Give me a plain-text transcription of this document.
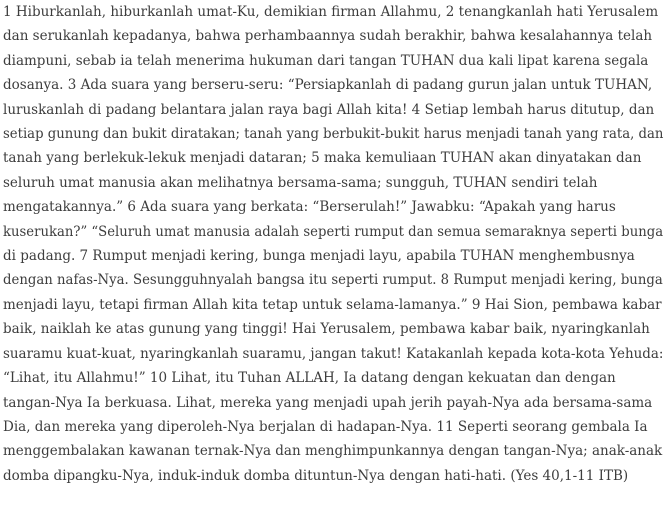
1 Hiburkanlah, hiburkanlah umat-Ku, demikian firman Allahmu, 2 tenangkanlah hati Yerusalem
dan serukanlah kepadanya, bahwa perhambaannya sudah berakhir, bahwa kesalahannya telah
diampuni, sebab ia telah menerima hukuman dari tangan TUHAN dua kali lipat karena segala
dosanya. 3 Ada suara yang berseru-seru: “Persiapkanlah di padang gurun jalan untuk TUHAN,
luruskanlah di padang belantara jalan raya bagi Allah kita! 4 Setiap lembah harus ditutup, dan
setiap gunung dan bukit diratakan; tanah yang berbukit-bukit harus menjadi tanah yang rata, dan
tanah yang berlekuk-lekuk menjadi dataran; 5 maka kemuliaan TUHAN akan dinyatakan dan
seluruh umat manusia akan melihatnya bersama-sama; sungguh, TUHAN sendiri telah
mengatakannya.” 6 Ada suara yang berkata: “Berserulah!” Jawabku: “Apakah yang harus
kuserukan?” “Seluruh umat manusia adalah seperti rumput dan semua semaraknya seperti bunga
di padang. 7 Rumput menjadi kering, bunga menjadi layu, apabila TUHAN menghembusnya
dengan nafas-Nya. Sesungguhnyalah bangsa itu seperti rumput. 8 Rumput menjadi kering, bunga
menjadi layu, tetapi firman Allah kita tetap untuk selama-lamanya.” 9 Hai Sion, pembawa kabar
baik, naiklah ke atas gunung yang tinggi! Hai Yerusalem, pembawa kabar baik, nyaringkanlah
suaramu kuat-kuat, nyaringkanlah suaramu, jangan takut! Katakanlah kepada kota-kota Yehuda:
“Lihat, itu Allahmu!” 10 Lihat, itu Tuhan ALLAH, Ia datang dengan kekuatan dan dengan
tangan-Nya Ia berkuasa. Lihat, mereka yang menjadi upah jerih payah-Nya ada bersama-sama
Dia, dan mereka yang diperoleh-Nya berjalan di hadapan-Nya. 11 Seperti seorang gembala Ia
menggembalakan kawanan ternak-Nya dan menghimpunkannya dengan tangan-Nya; anak-anak
domba dipangku-Nya, induk-induk domba dituntun-Nya dengan hati-hati. (Yes 40,1-11 ITB)
